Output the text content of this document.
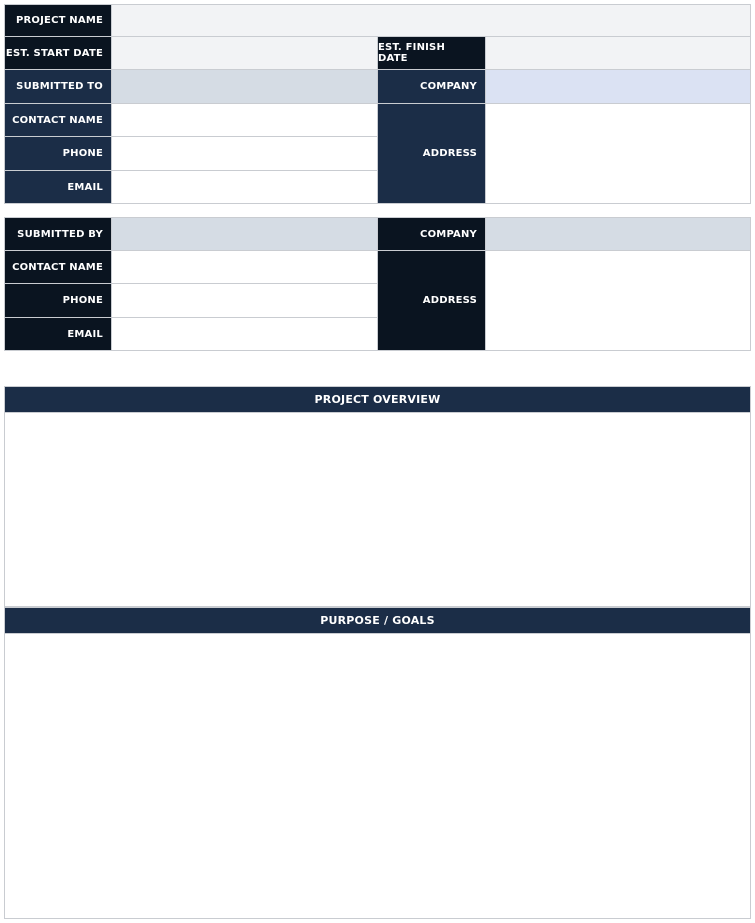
PROJECT NAME
EST. START DATE	EST. FINISH DATE
SUBMITTED TO	COMPANY
CONTACT NAME
PHONE
EMAIL
ADDRESS
SUBMITTED BY	COMPANY
CONTACT NAME
PHONE
EMAIL
ADDRESS
PROJECT OVERVIEW
PURPOSE / GOALS
